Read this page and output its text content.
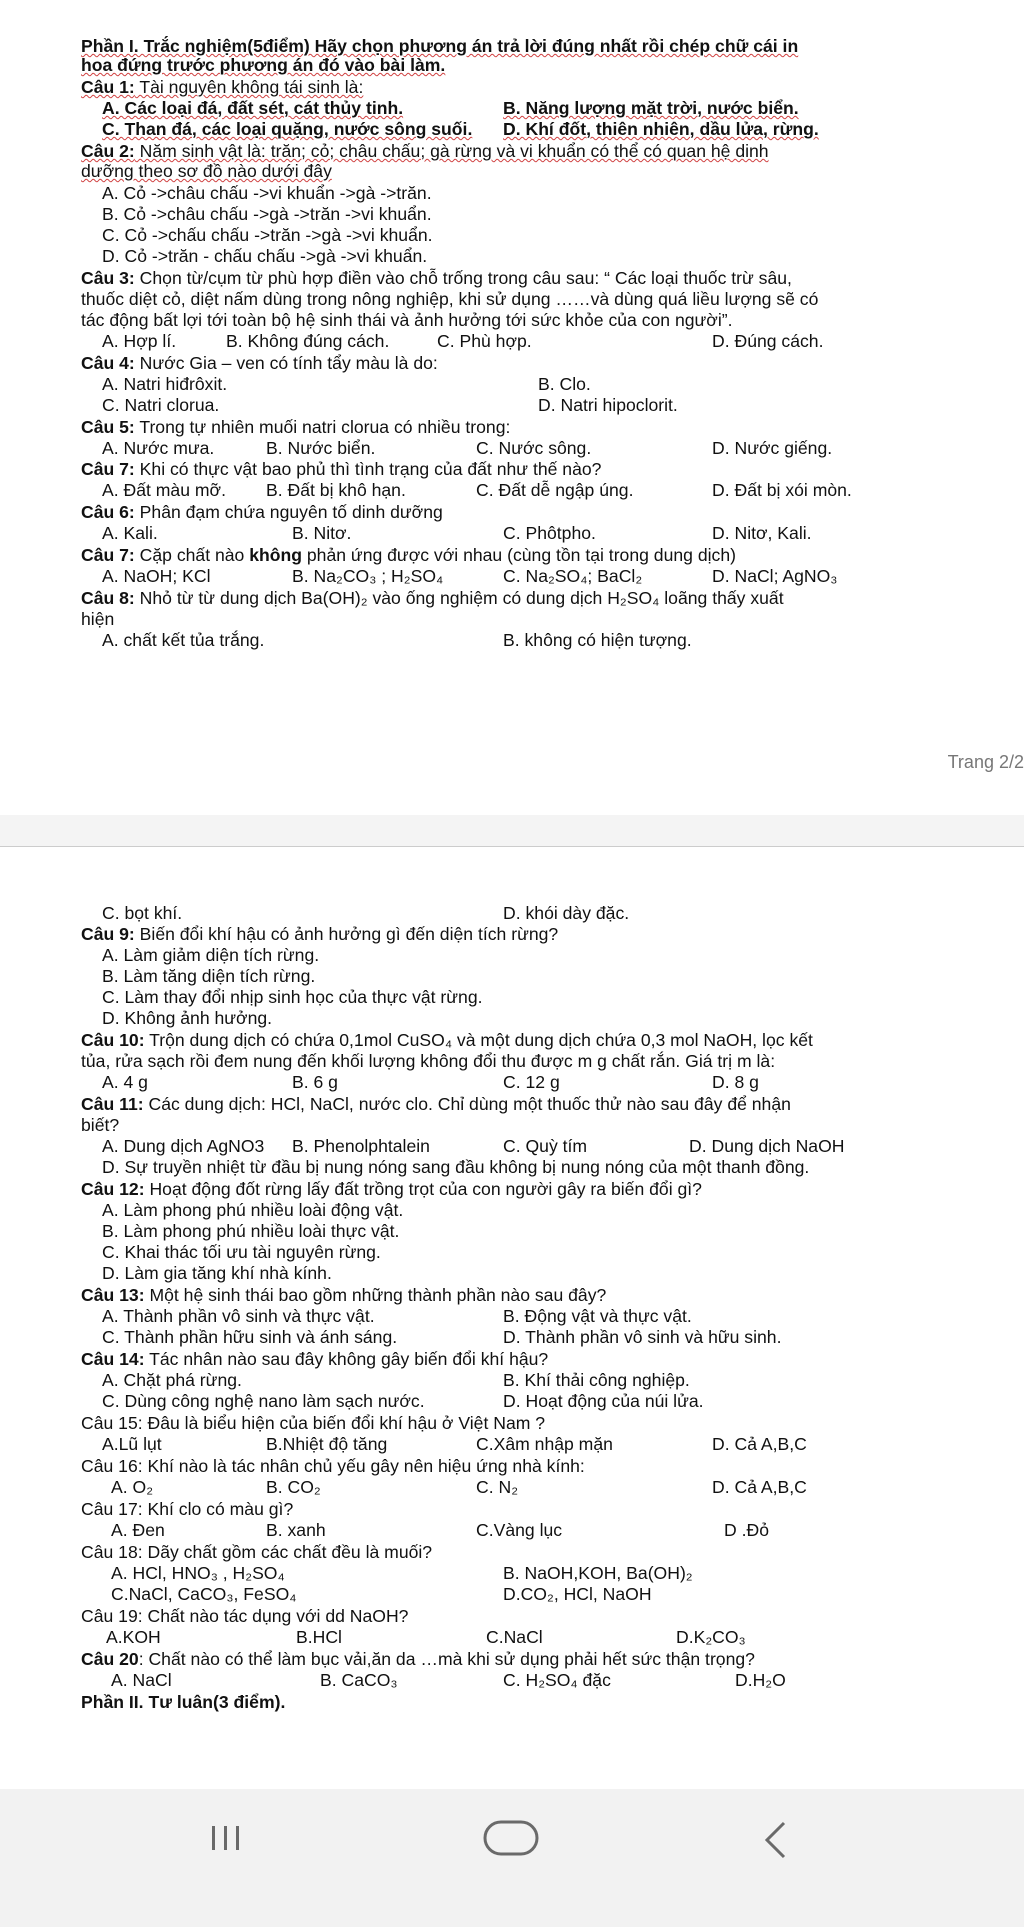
Phần I. Trắc nghiệm(5điểm) Hãy chọn phương án trả lời đúng nhất rồi chép chữ cái in
hoa đứng trước phương án đó vào bài làm.
Câu 1: Tài nguyên không tái sinh là:
A. Các loại đá, đất sét, cát thủy tinh.	B. Năng lượng mặt trời, nước biển.
C. Than đá, các loại quặng, nước sông suối. D. Khí đốt, thiên nhiên, dầu lửa, rừng.
Câu 2: Năm sinh vật là: trăn; cỏ; châu chấu; gà rừng và vi khuẩn có thể có quan hệ dinh
dưỡng theo sơ đồ nào dưới đây
A. Cỏ ->châu chấu ->vi khuẩn ->gà ->trăn.
B. Cỏ ->châu chấu ->gà ->trăn ->vi khuẩn.
C. Cỏ ->chấu chấu ->trăn ->gà ->vi khuẩn.
D. Cỏ ->trăn - chấu chấu ->gà ->vi khuẩn.
Câu 3: Chọn từ/cụm từ phù hợp điền vào chỗ trống trong câu sau: “ Các loại thuốc trừ sâu,
thuốc diệt cỏ, diệt nấm dùng trong nông nghiệp, khi sử dụng ……và dùng quá liều lượng sẽ có
tác động bất lợi tới toàn bộ hệ sinh thái và ảnh hưởng tới sức khỏe của con người”.
A. Hợp lí.	B. Không đúng cách.	C. Phù hợp.	D. Đúng cách.
Câu 4: Nước Gia – ven có tính tẩy màu là do:
A. Natri hiđrôxit.	B. Clo.
C. Natri clorua.	D. Natri hipoclorit.
Câu 5: Trong tự nhiên muối natri clorua có nhiều trong:
A. Nước mưa.	B. Nước biển.	C. Nước sông.	D. Nước giếng.
Câu 7: Khi có thực vật bao phủ thì tình trạng của đất như thế nào?
A. Đất màu mỡ. B. Đất bị khô hạn.	C. Đất dễ ngập úng.	D. Đất bị xói mòn.
Câu 6: Phân đạm chứa nguyên tố dinh dưỡng
A. Kali.	B. Nitơ.	C. Phôtpho.	D. Nitơ, Kali.
Câu 7: Cặp chất nào không phản ứng được với nhau (cùng tồn tại trong dung dịch)
A. NaOH; KCl	B. Na₂CO₃ ; H₂SO₄	C. Na₂SO₄; BaCl₂	D. NaCl; AgNO₃
Câu 8: Nhỏ từ từ dung dịch Ba(OH)₂ vào ống nghiệm có dung dịch H₂SO₄ loãng thấy xuất
hiện
A. chất kết tủa trắng.	B. không có hiện tượng.
Trang 2/2
C. bọt khí.	D. khói dày đặc.
Câu 9: Biến đổi khí hậu có ảnh hưởng gì đến diện tích rừng?
A. Làm giảm diện tích rừng.
B. Làm tăng diện tích rừng.
C. Làm thay đổi nhịp sinh học của thực vật rừng.
D. Không ảnh hưởng.
Câu 10: Trộn dung dịch có chứa 0,1mol CuSO₄ và một dung dịch chứa 0,3 mol NaOH, lọc kết
tủa, rửa sạch rồi đem nung đến khối lượng không đổi thu được m g chất rắn. Giá trị m là:
A. 4 g	B. 6 g	C. 12 g	D. 8 g
Câu 11: Các dung dịch: HCl, NaCl, nước clo. Chỉ dùng một thuốc thử nào sau đây để nhận
biết?
A. Dung dịch AgNO3 B. Phenolphtalein	C. Quỳ tím	D. Dung dịch NaOH
D. Sự truyền nhiệt từ đầu bị nung nóng sang đầu không bị nung nóng của một thanh đồng.
Câu 12: Hoạt động đốt rừng lấy đất trồng trọt của con người gây ra biến đổi gì?
A. Làm phong phú nhiều loài động vật.
B. Làm phong phú nhiều loài thực vật.
C. Khai thác tối ưu tài nguyên rừng.
D. Làm gia tăng khí nhà kính.
Câu 13: Một hệ sinh thái bao gồm những thành phần nào sau đây?
A. Thành phần vô sinh và thực vật.	B. Động vật và thực vật.
C. Thành phần hữu sinh và ánh sáng.	D. Thành phần vô sinh và hữu sinh.
Câu 14: Tác nhân nào sau đây không gây biến đổi khí hậu?
A. Chặt phá rừng.	B. Khí thải công nghiệp.
C. Dùng công nghệ nano làm sạch nước.	D. Hoạt động của núi lửa.
Câu 15: Đâu là biểu hiện của biến đổi khí hậu ở Việt Nam ?
A.Lũ lụt	B.Nhiệt độ tăng	C.Xâm nhập mặn	D. Cả A,B,C
Câu 16: Khí nào là tác nhân chủ yếu gây nên hiệu ứng nhà kính:
A. O₂	B. CO₂	C. N₂	D. Cả A,B,C
Câu 17: Khí clo có màu gì?
A. Đen	B. xanh	C.Vàng lục	D .Đỏ
Câu 18: Dãy chất gồm các chất đều là muối?
A. HCl, HNO₃ , H₂SO₄	B. NaOH,KOH, Ba(OH)₂
C.NaCl, CaCO₃, FeSO₄	D.CO₂, HCl, NaOH
Câu 19: Chất nào tác dụng với dd NaOH?
A.KOH	B.HCl	C.NaCl	D.K₂CO₃
Câu 20: Chất nào có thể làm bục vải,ăn da …mà khi sử dụng phải hết sức thận trọng?
A. NaCl	B. CaCO₃	C. H₂SO₄ đặc	D.H₂O
Phần II. Tư luân(3 điểm).
